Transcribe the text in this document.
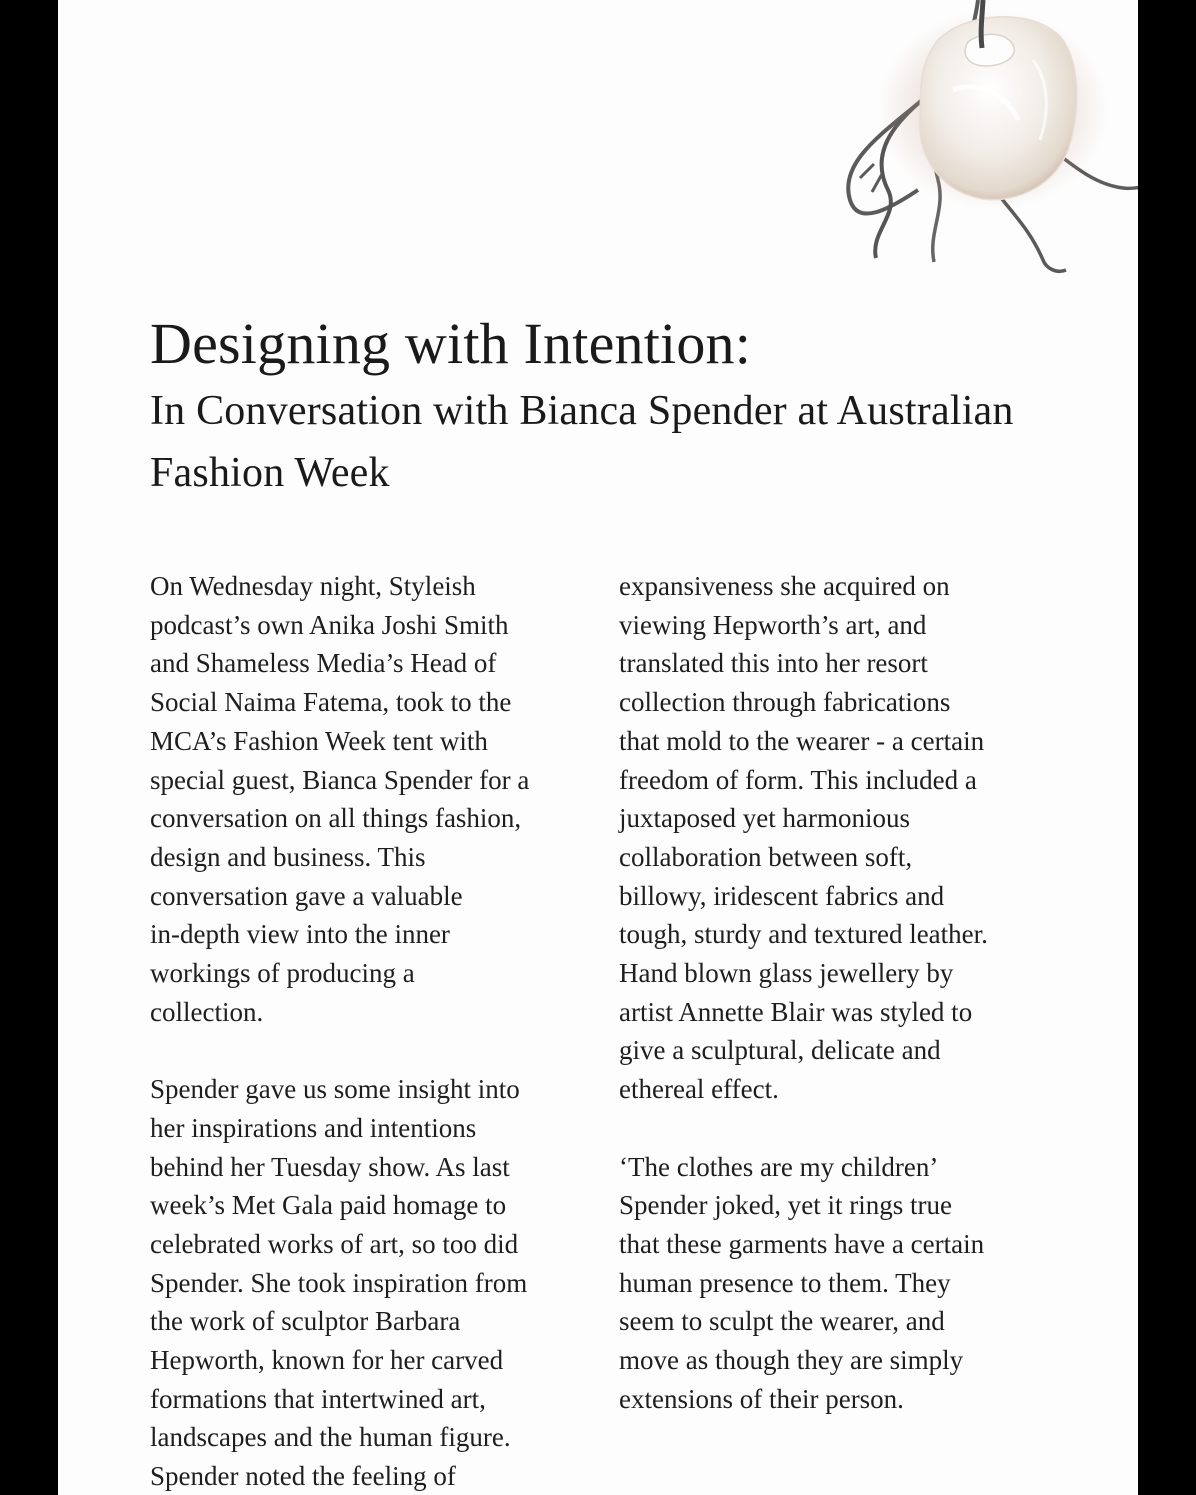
Designing with Intention:
In Conversation with Bianca Spender at Australian Fashion Week

On Wednesday night, Styleish
podcast’s own Anika Joshi Smith
and Shameless Media’s Head of
Social Naima Fatema, took to the
MCA’s Fashion Week tent with
special guest, Bianca Spender for a
conversation on all things fashion,
design and business. This
conversation gave a valuable
in-depth view into the inner
workings of producing a
collection.

Spender gave us some insight into
her inspirations and intentions
behind her Tuesday show. As last
week’s Met Gala paid homage to
celebrated works of art, so too did
Spender. She took inspiration from
the work of sculptor Barbara
Hepworth, known for her carved
formations that intertwined art,
landscapes and the human figure.
Spender noted the feeling of

expansiveness she acquired on
viewing Hepworth’s art, and
translated this into her resort
collection through fabrications
that mold to the wearer - a certain
freedom of form. This included a
juxtaposed yet harmonious
collaboration between soft,
billowy, iridescent fabrics and
tough, sturdy and textured leather.
Hand blown glass jewellery by
artist Annette Blair was styled to
give a sculptural, delicate and
ethereal effect.

‘The clothes are my children’
Spender joked, yet it rings true
that these garments have a certain
human presence to them. They
seem to sculpt the wearer, and
move as though they are simply
extensions of their person.
